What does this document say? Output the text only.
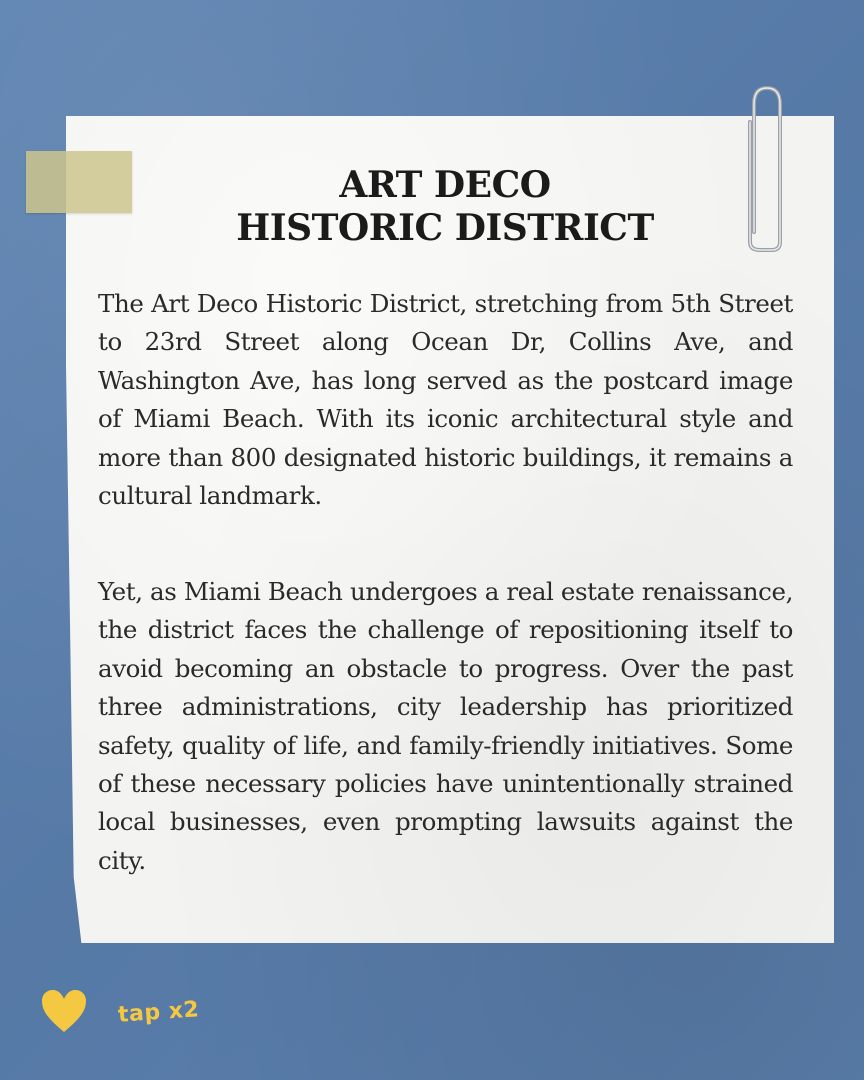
ART DECO
HISTORIC DISTRICT
The Art Deco Historic District, stretching from 5th Street to 23rd Street along Ocean Dr, Collins Ave, and Washington Ave, has long served as the postcard image of Miami Beach. With its iconic architectural style and more than 800 designated historic buildings, it remains a cultural landmark.
Yet, as Miami Beach undergoes a real estate renaissance, the district faces the challenge of repositioning itself to avoid becoming an obstacle to progress. Over the past three administrations, city leadership has prioritized safety, quality of life, and family-friendly initiatives. Some of these necessary policies have unintentionally strained local businesses, even prompting lawsuits against the city.
tap x2
